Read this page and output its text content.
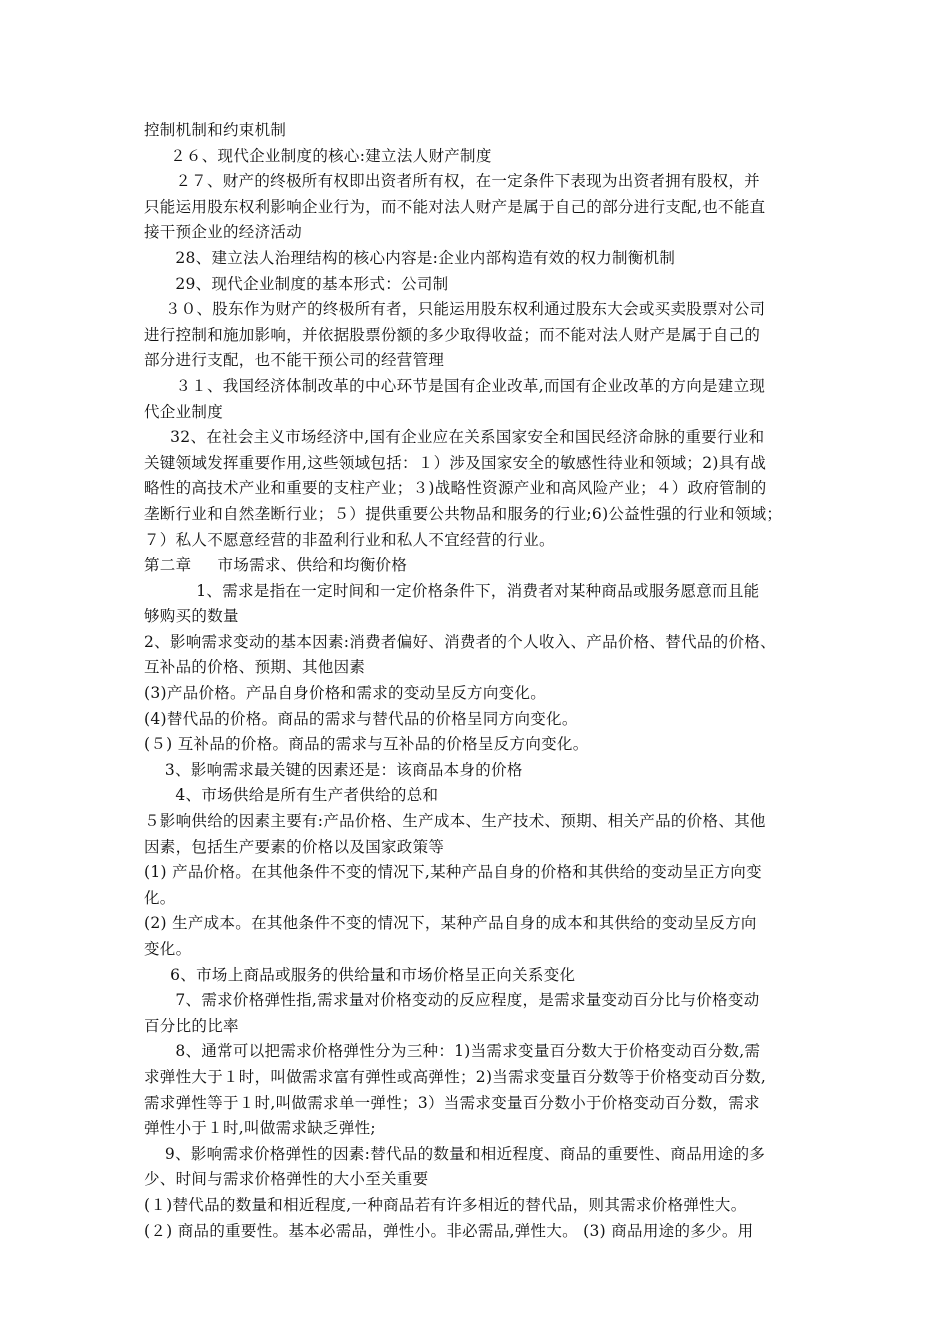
控制机制和约束机制
２６、现代企业制度的核心:建立法人财产制度
２７、财产的终极所有权即出资者所有权，在一定条件下表现为出资者拥有股权，并
只能运用股东权利影响企业行为，而不能对法人财产是属于自己的部分进行支配,也不能直
接干预企业的经济活动
28、建立法人治理结构的核心内容是:企业内部构造有效的权力制衡机制
29、现代企业制度的基本形式：公司制
３０、股东作为财产的终极所有者，只能运用股东权利通过股东大会或买卖股票对公司
进行控制和施加影响，并依据股票份额的多少取得收益；而不能对法人财产是属于自己的
部分进行支配，也不能干预公司的经营管理
３１、我国经济体制改革的中心环节是国有企业改革,而国有企业改革的方向是建立现
代企业制度
32、在社会主义市场经济中,国有企业应在关系国家安全和国民经济命脉的重要行业和
关键领域发挥重要作用,这些领域包括：１）涉及国家安全的敏感性待业和领域；2)具有战
略性的高技术产业和重要的支柱产业；３)战略性资源产业和高风险产业；４）政府管制的
垄断行业和自然垄断行业；５）提供重要公共物品和服务的行业;6)公益性强的行业和领域；
７）私人不愿意经营的非盈利行业和私人不宜经营的行业。
第二章     市场需求、供给和均衡价格
1、需求是指在一定时间和一定价格条件下，消费者对某种商品或服务愿意而且能
够购买的数量
2、影响需求变动的基本因素:消费者偏好、消费者的个人收入、产品价格、替代品的价格、
互补品的价格、预期、其他因素
(3)产品价格。产品自身价格和需求的变动呈反方向变化。
(4)替代品的价格。商品的需求与替代品的价格呈同方向变化。
(５) 互补品的价格。商品的需求与互补品的价格呈反方向变化。
3、影响需求最关键的因素还是：该商品本身的价格
4、市场供给是所有生产者供给的总和
５影响供给的因素主要有:产品价格、生产成本、生产技术、预期、相关产品的价格、其他
因素，包括生产要素的价格以及国家政策等
(1) 产品价格。在其他条件不变的情况下,某种产品自身的价格和其供给的变动呈正方向变
化。
(2) 生产成本。在其他条件不变的情况下，某种产品自身的成本和其供给的变动呈反方向
变化。
6、市场上商品或服务的供给量和市场价格呈正向关系变化
7、需求价格弹性指,需求量对价格变动的反应程度，是需求量变动百分比与价格变动
百分比的比率
8、通常可以把需求价格弹性分为三种：1)当需求变量百分数大于价格变动百分数,需
求弹性大于１时，叫做需求富有弹性或高弹性；2)当需求变量百分数等于价格变动百分数,
需求弹性等于１时,叫做需求单一弹性；3）当需求变量百分数小于价格变动百分数，需求
弹性小于１时,叫做需求缺乏弹性;
9、影响需求价格弹性的因素:替代品的数量和相近程度、商品的重要性、商品用途的多
少、时间与需求价格弹性的大小至关重要
(１)替代品的数量和相近程度,一种商品若有许多相近的替代品，则其需求价格弹性大。
(２) 商品的重要性。基本必需品，弹性小。非必需品,弹性大。 (3) 商品用途的多少。用
